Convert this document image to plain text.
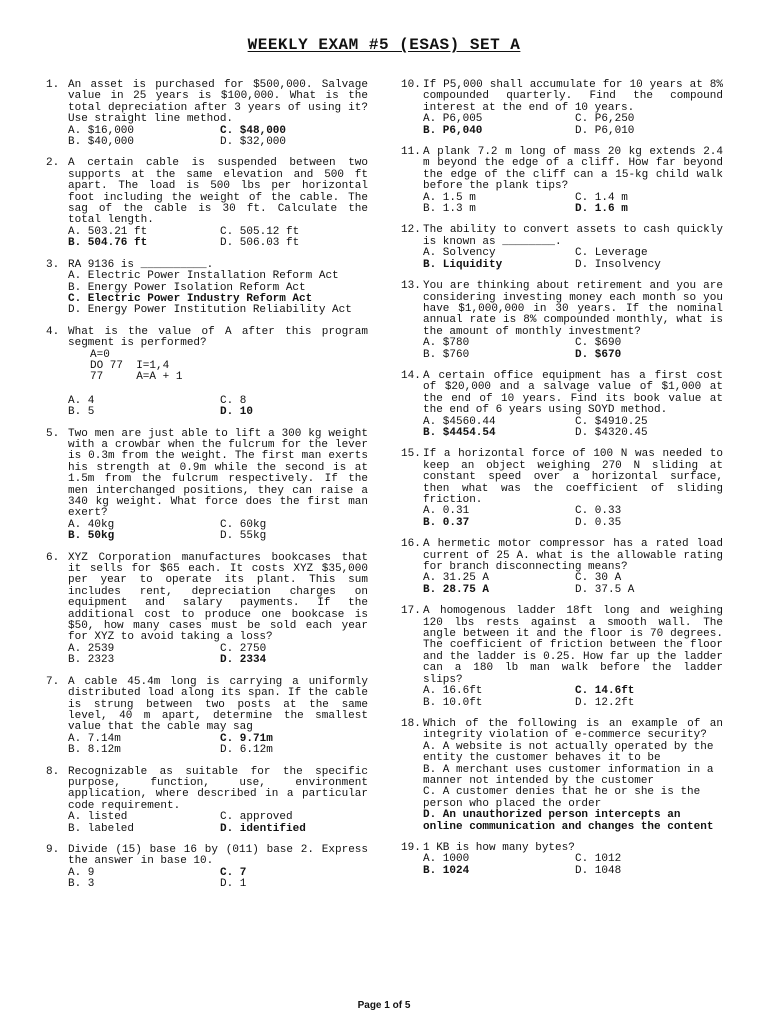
WEEKLY EXAM #5 (ESAS) SET A
1. An asset is purchased for $500,000. Salvage value in 25 years is $100,000. What is the total depreciation after 3 years of using it? Use straight line method.
A. $16,000	C. $48,000
B. $40,000	D. $32,000
2. A certain cable is suspended between two supports at the same elevation and 500 ft apart. The load is 500 lbs per horizontal foot including the weight of the cable. The sag of the cable is 30 ft. Calculate the total length.
A. 503.21 ft	C. 505.12 ft
B. 504.76 ft	D. 506.03 ft
3. RA 9136 is __________.
A. Electric Power Installation Reform Act
B. Energy Power Isolation Reform Act
C. Electric Power Industry Reform Act
D. Energy Power Institution Reliability Act
4. What is the value of A after this program segment is performed?
A=0
DO 77  I=1,4
77     A=A + 1
A. 4	C. 8
B. 5	D. 10
5. Two men are just able to lift a 300 kg weight with a crowbar when the fulcrum for the lever is 0.3m from the weight. The first man exerts his strength at 0.9m while the second is at 1.5m from the fulcrum respectively. If the men interchanged positions, they can raise a 340 kg weight. What force does the first man exert?
A. 40kg	C. 60kg
B. 50kg	D. 55kg
6. XYZ Corporation manufactures bookcases that it sells for $65 each. It costs XYZ $35,000 per year to operate its plant. This sum includes rent, depreciation charges on equipment and salary payments. If the additional cost to produce one bookcase is $50, how many cases must be sold each year for XYZ to avoid taking a loss?
A. 2539	C. 2750
B. 2323	D. 2334
7. A cable 45.4m long is carrying a uniformly distributed load along its span. If the cable is strung between two posts at the same level, 40 m apart, determine the smallest value that the cable may sag
A. 7.14m	C. 9.71m
B. 8.12m	D. 6.12m
8. Recognizable as suitable for the specific purpose, function, use, environment application, where described in a particular code requirement.
A. listed	C. approved
B. labeled	D. identified
9. Divide (15) base 16 by (011) base 2. Express the answer in base 10.
A. 9	C. 7
B. 3	D. 1
10. If P5,000 shall accumulate for 10 years at 8% compounded quarterly. Find the compound interest at the end of 10 years.
A. P6,005	C. P6,250
B. P6,040	D. P6,010
11. A plank 7.2 m long of mass 20 kg extends 2.4 m beyond the edge of a cliff. How far beyond the edge of the cliff can a 15-kg child walk before the plank tips?
A. 1.5 m	C. 1.4 m
B. 1.3 m	D. 1.6 m
12. The ability to convert assets to cash quickly is known as ________.
A. Solvency	C. Leverage
B. Liquidity	D. Insolvency
13. You are thinking about retirement and you are considering investing money each month so you have $1,000,000 in 30 years. If the nominal annual rate is 8% compounded monthly, what is the amount of monthly investment?
A. $780	C. $690
B. $760	D. $670
14. A certain office equipment has a first cost of $20,000 and a salvage value of $1,000 at the end of 10 years. Find its book value at the end of 6 years using SOYD method.
A. $4560.44	C. $4910.25
B. $4454.54	D. $4320.45
15. If a horizontal force of 100 N was needed to keep an object weighing 270 N sliding at constant speed over a horizontal surface, then what was the coefficient of sliding friction.
A. 0.31	C. 0.33
B. 0.37	D. 0.35
16. A hermetic motor compressor has a rated load current of 25 A. what is the allowable rating for branch disconnecting means?
A. 31.25 A	C. 30 A
B. 28.75 A	D. 37.5 A
17. A homogenous ladder 18ft long and weighing 120 lbs rests against a smooth wall. The angle between it and the floor is 70 degrees. The coefficient of friction between the floor and the ladder is 0.25. How far up the ladder can a 180 lb man walk before the ladder slips?
A. 16.6ft	C. 14.6ft
B. 10.0ft	D. 12.2ft
18. Which of the following is an example of an integrity violation of e-commerce security?
A. A website is not actually operated by the entity the customer behaves it to be
B. A merchant uses customer information in a manner not intended by the customer
C. A customer denies that he or she is the person who placed the order
D. An unauthorized person intercepts an online communication and changes the content
19. 1 KB is how many bytes?
A. 1000	C. 1012
B. 1024	D. 1048
Page 1 of 5
